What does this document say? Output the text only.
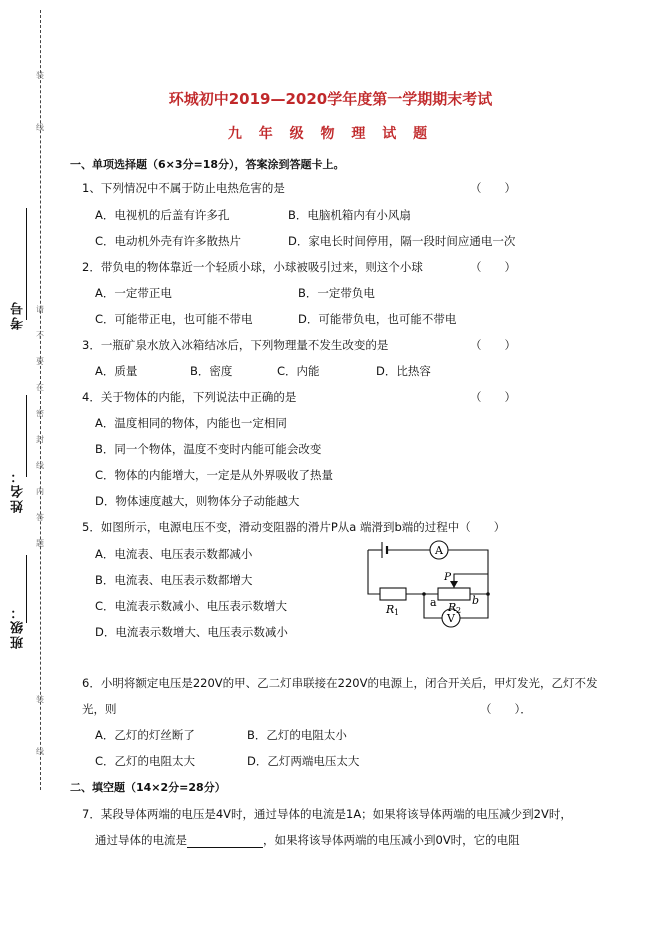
装
线
请
不
要
在
密
封
线
内
答
题
装
线
考号
姓名：
班级：
环城初中2019—2020学年度第一学期期末考试
九 年 级 物 理 试 题
一、单项选择题（6×3分=18分），答案涂到答题卡上。
1、下列情况中不属于防止电热危害的是	（　　）
A．电视机的后盖有许多孔	B．电脑机箱内有小风扇
C．电动机外壳有许多散热片	D．家电长时间停用，隔一段时间应通电一次
2．带负电的物体靠近一个轻质小球，小球被吸引过来，则这个小球	（　　）
A．一定带正电	B．一定带负电
C．可能带正电，也可能不带电	D．可能带负电，也可能不带电
3．一瓶矿泉水放入冰箱结冰后，下列物理量不发生改变的是	（　　）
A．质量	B．密度	C．内能	D．比热容
4．关于物体的内能，下列说法中正确的是	（　　）
A．温度相同的物体，内能也一定相同
B．同一个物体，温度不变时内能可能会改变
C．物体的内能增大，一定是从外界吸收了热量
D．物体速度越大，则物体分子动能越大
5．如图所示，电源电压不变，滑动变阻器的滑片P从a 端滑到b端的过程中（　　）
A．电流表、电压表示数都减小
B．电流表、电压表示数都增大
C．电流表示数减小、电压表示数增大
D．电流表示数增大、电压表示数减小
A
V
P
R 1	R 2
a	b
6．小明将额定电压是220V的甲、乙二灯串联接在220V的电源上，闭合开关后，甲灯发光，乙灯不发
光，则	（　　）．
A．乙灯的灯丝断了	B．乙灯的电阻太小
C．乙灯的电阻太大	D．乙灯两端电压太大
二、填空题（14×2分=28分）
7．某段导体两端的电压是4V时，通过导体的电流是1A；如果将该导体两端的电压减少到2V时，
通过导体的电流是	，如果将该导体两端的电压减小到0V时，它的电阻
